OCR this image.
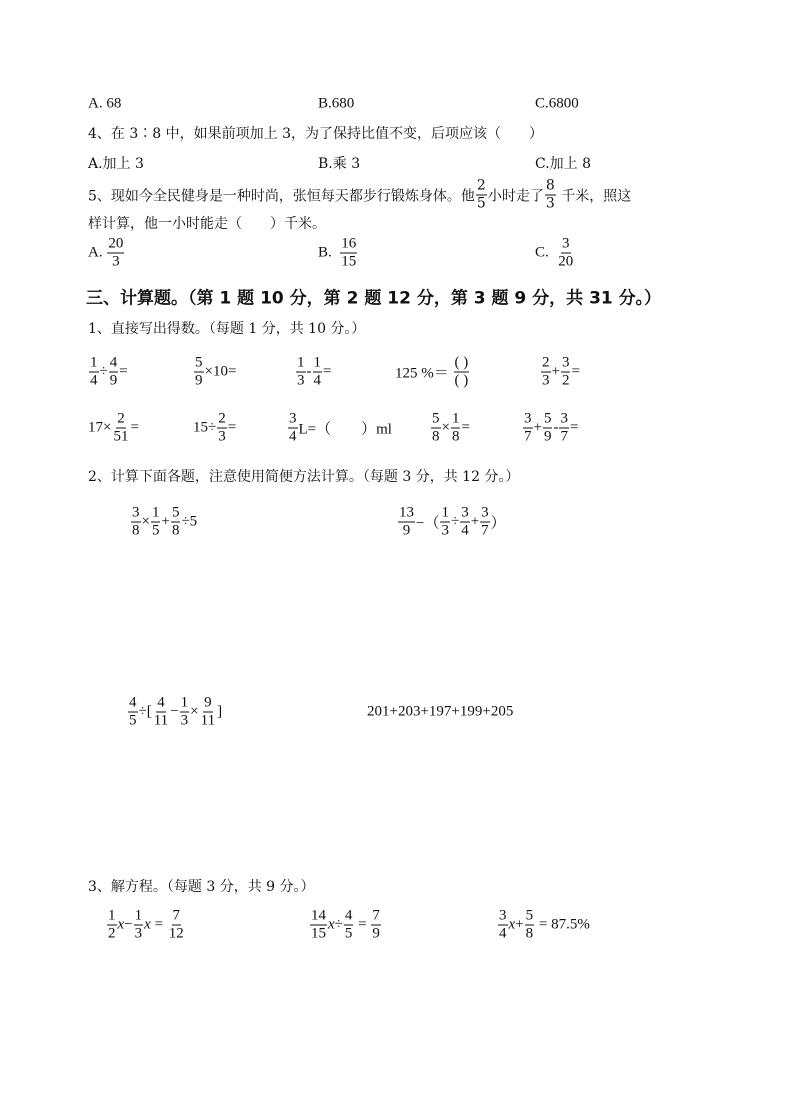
A. 68	B.680	C.6800
4、在 3∶8 中，如果前项加上 3，为了保持比值不变，后项应该（　　）
A.加上 3	B.乘 3	C.加上 8
5、现如今全民健身是一种时尚，张恒每天都步行锻炼身体。他 $\frac{2}{5}$ 小时走了 $\frac{8}{3}$ 千米，照这
样计算，他一小时能走（　　）千米。
A. $\frac{20}{3}$	B. $\frac{16}{15}$	C. $\frac{3}{20}$
三、计算题。（第 1 题 10 分，第 2 题 12 分，第 3 题 9 分，共 31 分。）
1、直接写出得数。（每题 1 分，共 10 分。）
$\frac{1}{4} \div \frac{4}{9}$ =	$\frac{5}{9} \times 10=$	$\frac{1}{3} - \frac{1}{4}$ =	125 %＝ $\frac{( )}{( )}$	$\frac{2}{3} + \frac{3}{2}$ =
$17\times \frac{2}{51}$ =	$15\div \frac{2}{3}$ =	$\frac{3}{4} L=$（        ）ml	$\frac{5}{8} \times \frac{1}{8}$ =	$\frac{3}{7} + \frac{5}{9} - \frac{3}{7}$ =
2、计算下面各题，注意使用简便方法计算。（每题 3 分，共 12 分。）
$\frac{3}{8} \times \frac{1}{5} + \frac{5}{8} \div 5$	$\frac{13}{9}$ −（ $\frac{1}{3} \div \frac{3}{4} + \frac{3}{7}$ ）
$\frac{4}{5}$ ÷[ $\frac{4}{11} - \frac{1}{3} \times \frac{9}{11}$ ]	201+203+197+199+205
3、解方程。（每题 3 分，共 9 分。）
$\frac{1}{2}$ $x - \frac{1}{3}$ $x = \frac{7}{12}$	$\frac{14}{15}$ $x \div \frac{4}{5} = \frac{7}{9}$	$\frac{3}{4}$ $x + \frac{5}{8} = 87.5\%$
